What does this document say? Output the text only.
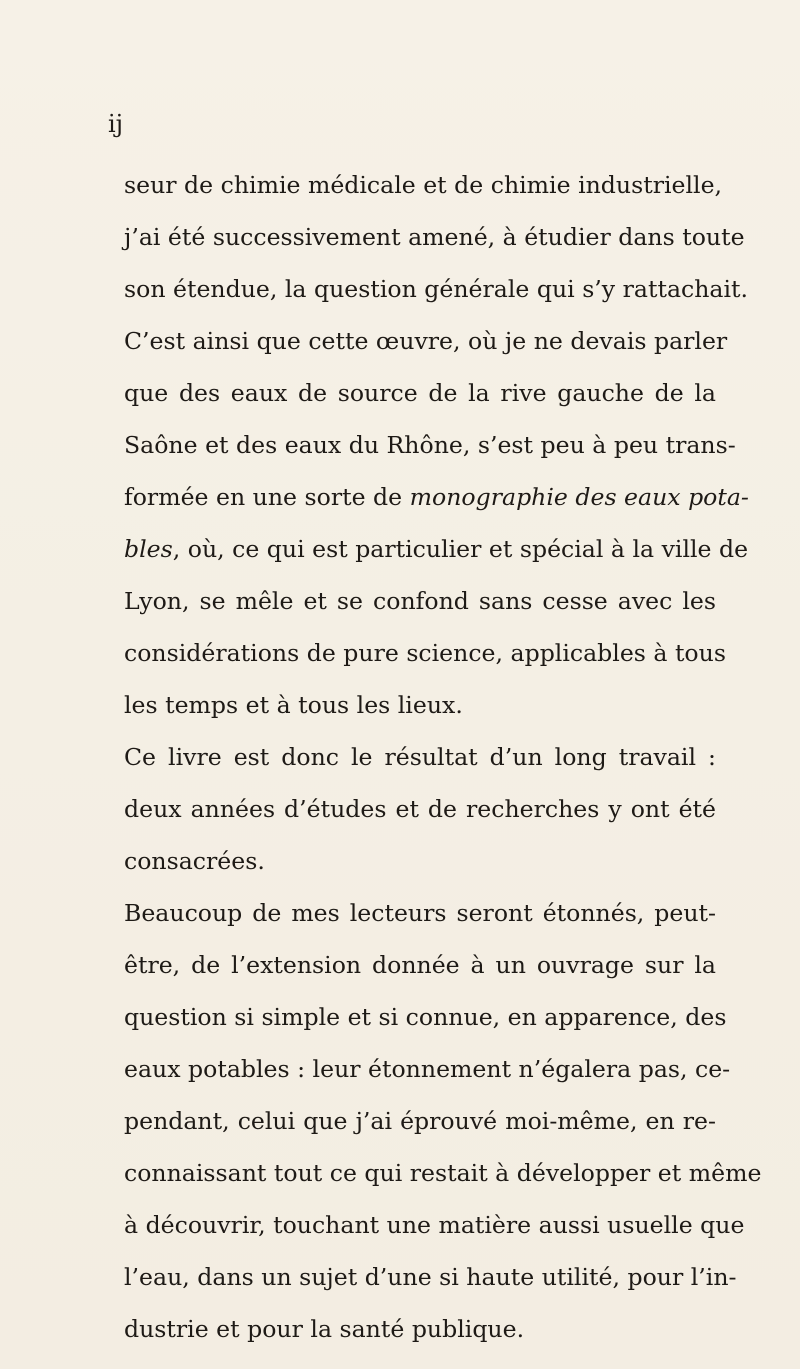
ij
seur de chimie médicale et de chimie industrielle,
j’ai été successivement amené, à étudier dans toute
son étendue, la question générale qui s’y rattachait.
C’est ainsi que cette œuvre, où je ne devais parler
que des eaux de source de la rive gauche de la
Saône et des eaux du Rhône, s’est peu à peu trans-
formée en une sorte de monographie des eaux pota-
bles, où, ce qui est particulier et spécial à la ville de
Lyon, se mêle et se confond sans cesse avec les
considérations de pure science, applicables à tous
les temps et à tous les lieux.
Ce livre est donc le résultat d’un long travail :
deux années d’études et de recherches y ont été
consacrées.
Beaucoup de mes lecteurs seront étonnés, peut-
être, de l’extension donnée à un ouvrage sur la
question si simple et si connue, en apparence, des
eaux potables : leur étonnement n’égalera pas, ce-
pendant, celui que j’ai éprouvé moi-même, en re-
connaissant tout ce qui restait à développer et même
à découvrir, touchant une matière aussi usuelle que
l’eau, dans un sujet d’une si haute utilité, pour l’in-
dustrie et pour la santé publique.
